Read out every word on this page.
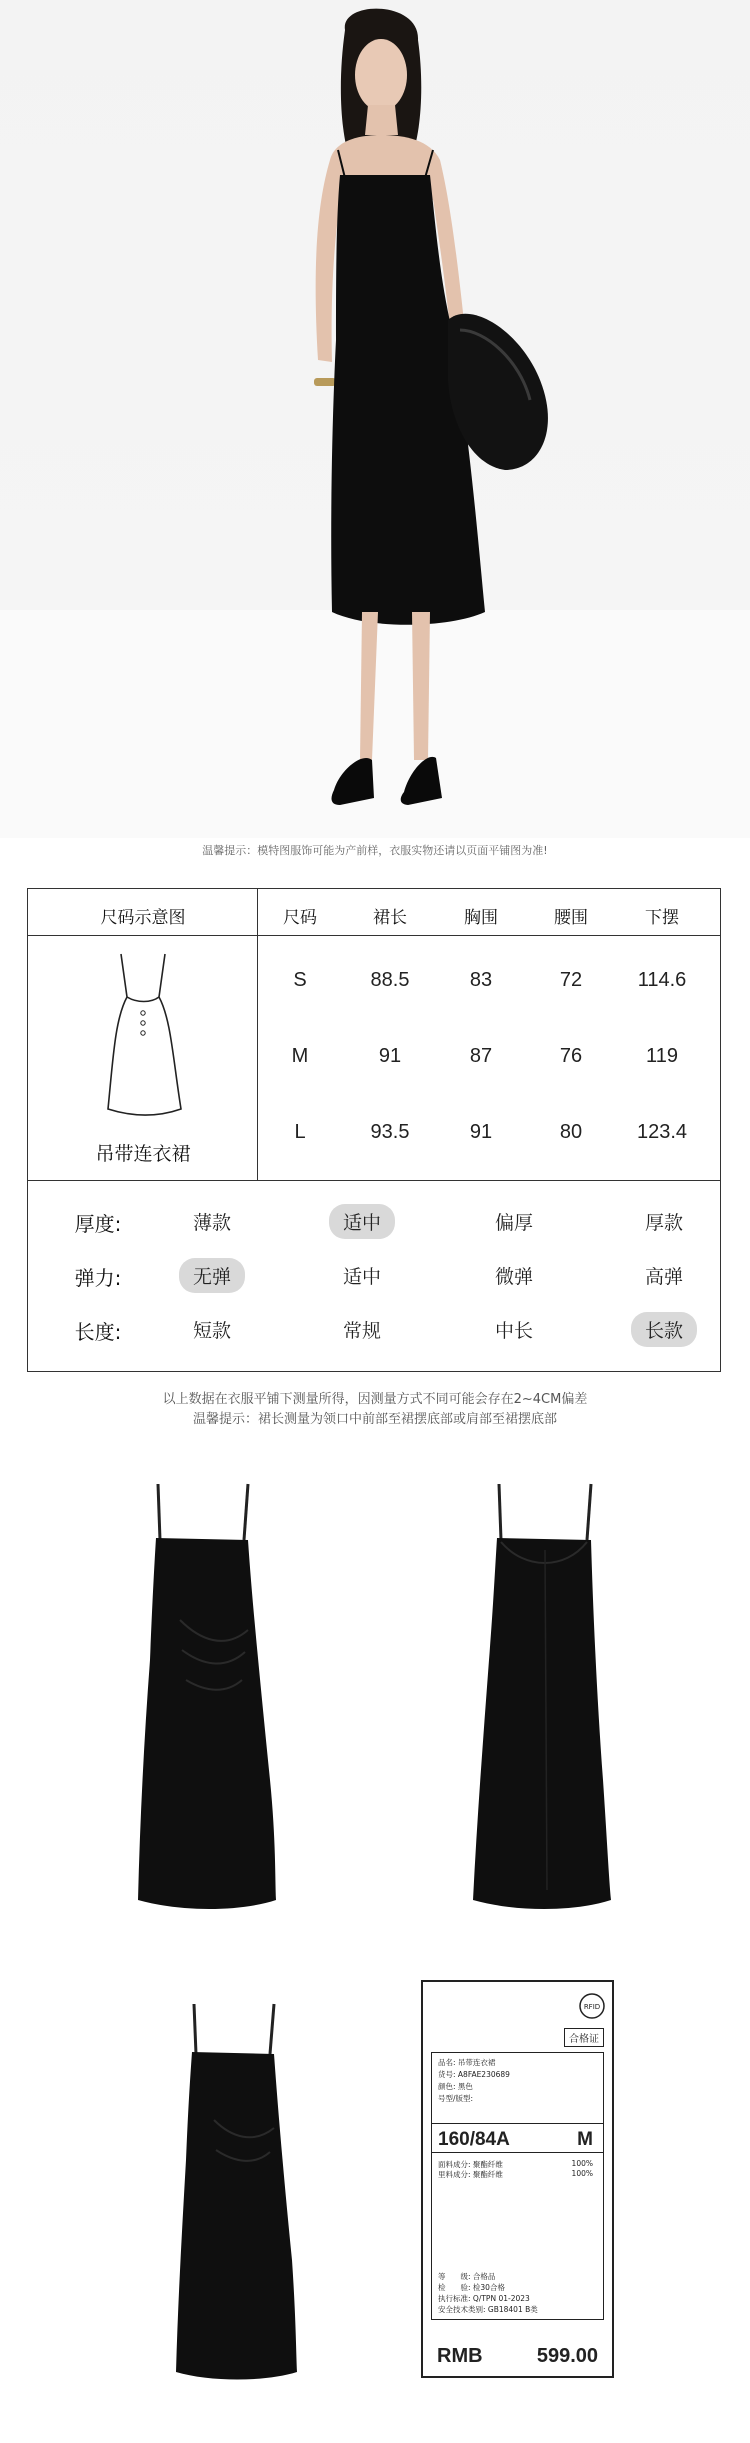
温馨提示：模特图服饰可能为产前样，衣服实物还请以页面平铺图为准!
吊带连衣裙
尺码示意图	尺码	裙长	胸围	腰围	下摆
S	88.5	83	72	114.6
M	91	87	76	119
L	93.5	91	80	123.4
厚度:	薄款	适中	偏厚	厚款
弹力:	无弹	适中	微弹	高弹
长度:	短款	常规	中长	长款
以上数据在衣服平铺下测量所得，因测量方式不同可能会存在2~4CM偏差
温馨提示：裙长测量为领口中前部至裙摆底部或肩部至裙摆底部
RFID
合格证
品名: 吊带连衣裙
货号: A8FAE230689
颜色: 黑色
号型/版型:
160/84A	M
面料成分: 聚酯纤维	100%
里料成分: 聚酯纤维	100%
等　　级: 合格品
检　　验: 检30合格
执行标准: Q/TPN 01-2023
安全技术类别: GB18401 B类
RMB	599.00
